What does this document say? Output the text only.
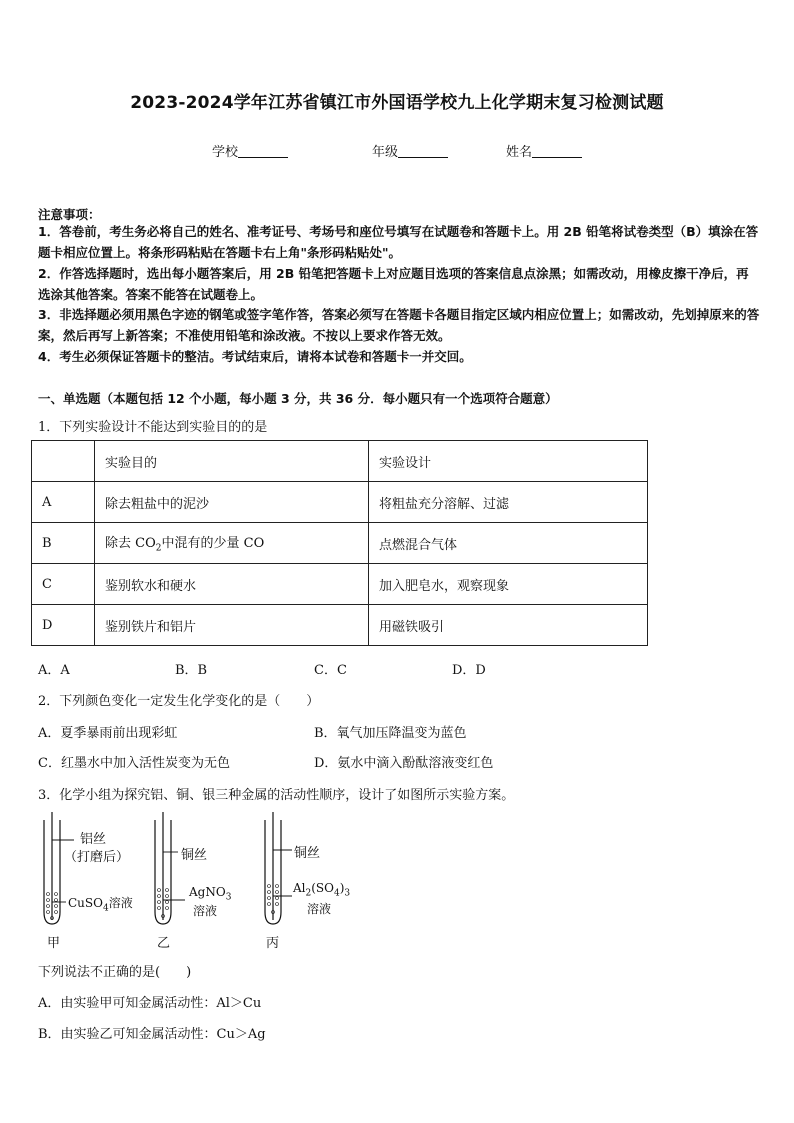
2023-2024学年江苏省镇江市外国语学校九上化学期末复习检测试题
学校	年级	姓名
注意事项：
1．答卷前，考生务必将自己的姓名、准考证号、考场号和座位号填写在试题卷和答题卡上。用 2B 铅笔将试卷类型（B）填涂在答题卡相应位置上。将条形码粘贴在答题卡右上角"条形码粘贴处"。
2．作答选择题时，选出每小题答案后，用 2B 铅笔把答题卡上对应题目选项的答案信息点涂黑；如需改动，用橡皮擦干净后，再选涂其他答案。答案不能答在试题卷上。
3．非选择题必须用黑色字迹的钢笔或签字笔作答，答案必须写在答题卡各题目指定区域内相应位置上；如需改动，先划掉原来的答案，然后再写上新答案；不准使用铅笔和涂改液。不按以上要求作答无效。
4．考生必须保证答题卡的整洁。考试结束后，请将本试卷和答题卡一并交回。
一、单选题（本题包括 12 个小题，每小题 3 分，共 36 分．每小题只有一个选项符合题意）
1．下列实验设计不能达到实验目的的是
	实验目的	实验设计
A	除去粗盐中的泥沙	将粗盐充分溶解、过滤
B	除去 $CO_2$中混有的少量 CO	点燃混合气体
C	鉴别软水和硬水	加入肥皂水，观察现象
D	鉴别铁片和铝片	用磁铁吸引
A．A	B．B	C．C	D．D
2．下列颜色变化一定发生化学变化的是（　　）
A．夏季暴雨前出现彩虹	B．氧气加压降温变为蓝色
C．红墨水中加入活性炭变为无色	D．氨水中滴入酚酞溶液变红色
3．化学小组为探究铝、铜、银三种金属的活动性顺序，设计了如图所示实验方案。
铝丝
（打磨后）
CuSO$_4$溶液
甲
铜丝
AgNO$_3$
溶液
乙
铜丝
$Al_2(SO_4)_3$
溶液
丙
下列说法不正确的是(　　)
A．由实验甲可知金属活动性：Al＞Cu
B．由实验乙可知金属活动性：Cu＞Ag
